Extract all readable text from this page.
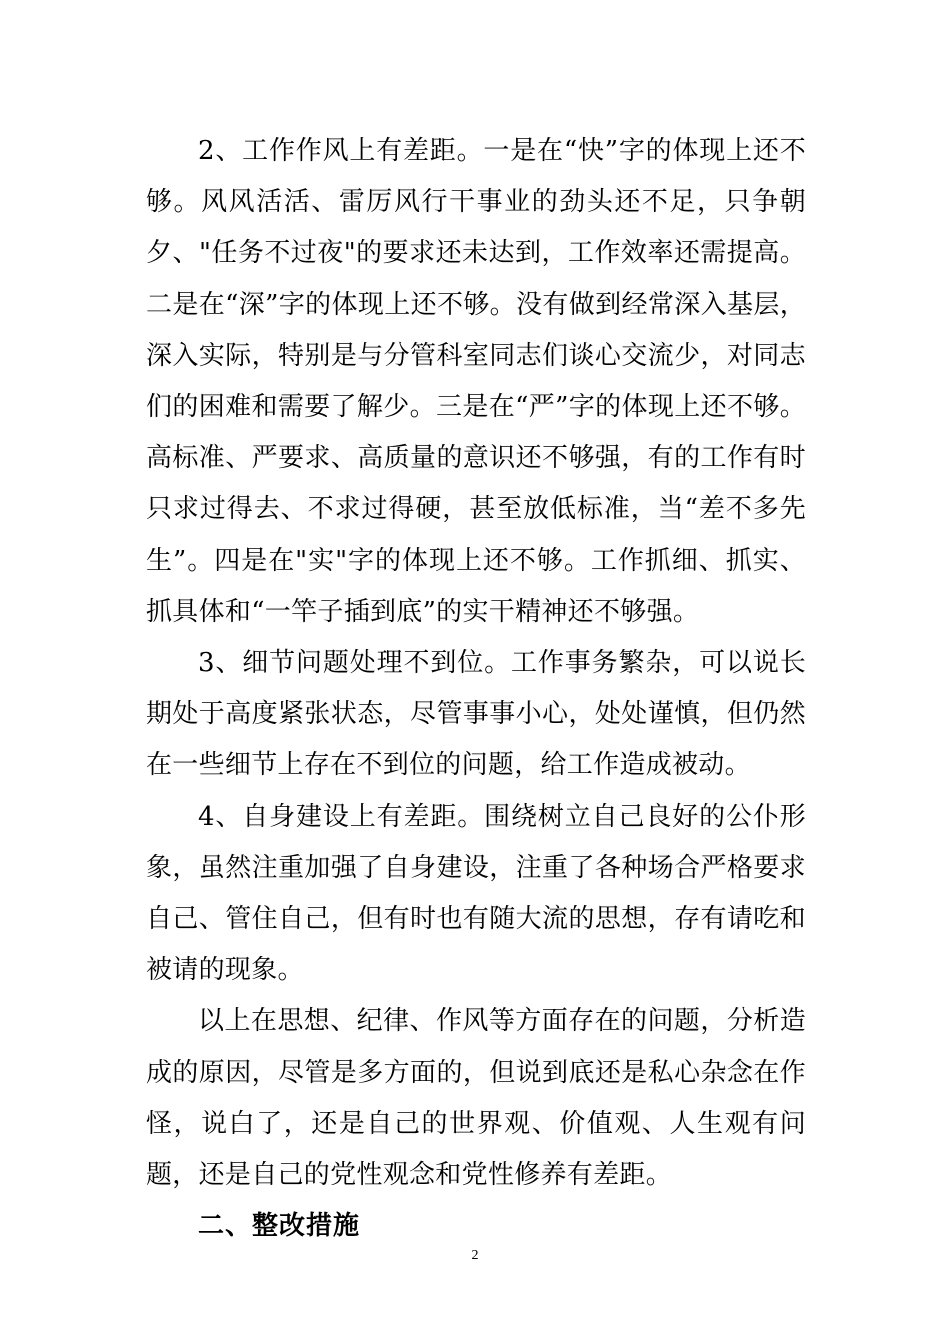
2、工作作风上有差距。一是在“快”字的体现上还不够。风风活活、雷厉风行干事业的劲头还不足，只争朝夕、"任务不过夜"的要求还未达到，工作效率还需提高。二是在“深”字的体现上还不够。没有做到经常深入基层，深入实际，特别是与分管科室同志们谈心交流少，对同志们的困难和需要了解少。三是在“严”字的体现上还不够。高标准、严要求、高质量的意识还不够强，有的工作有时只求过得去、不求过得硬，甚至放低标准，当“差不多先生”。四是在"实"字的体现上还不够。工作抓细、抓实、抓具体和“一竿子插到底”的实干精神还不够强。

3、细节问题处理不到位。工作事务繁杂，可以说长期处于高度紧张状态，尽管事事小心，处处谨慎，但仍然在一些细节上存在不到位的问题，给工作造成被动。

4、自身建设上有差距。围绕树立自己良好的公仆形象，虽然注重加强了自身建设，注重了各种场合严格要求自己、管住自己，但有时也有随大流的思想，存有请吃和被请的现象。

以上在思想、纪律、作风等方面存在的问题，分析造成的原因，尽管是多方面的，但说到底还是私心杂念在作怪，说白了，还是自己的世界观、价值观、人生观有问题，还是自己的党性观念和党性修养有差距。

二、整改措施

2
